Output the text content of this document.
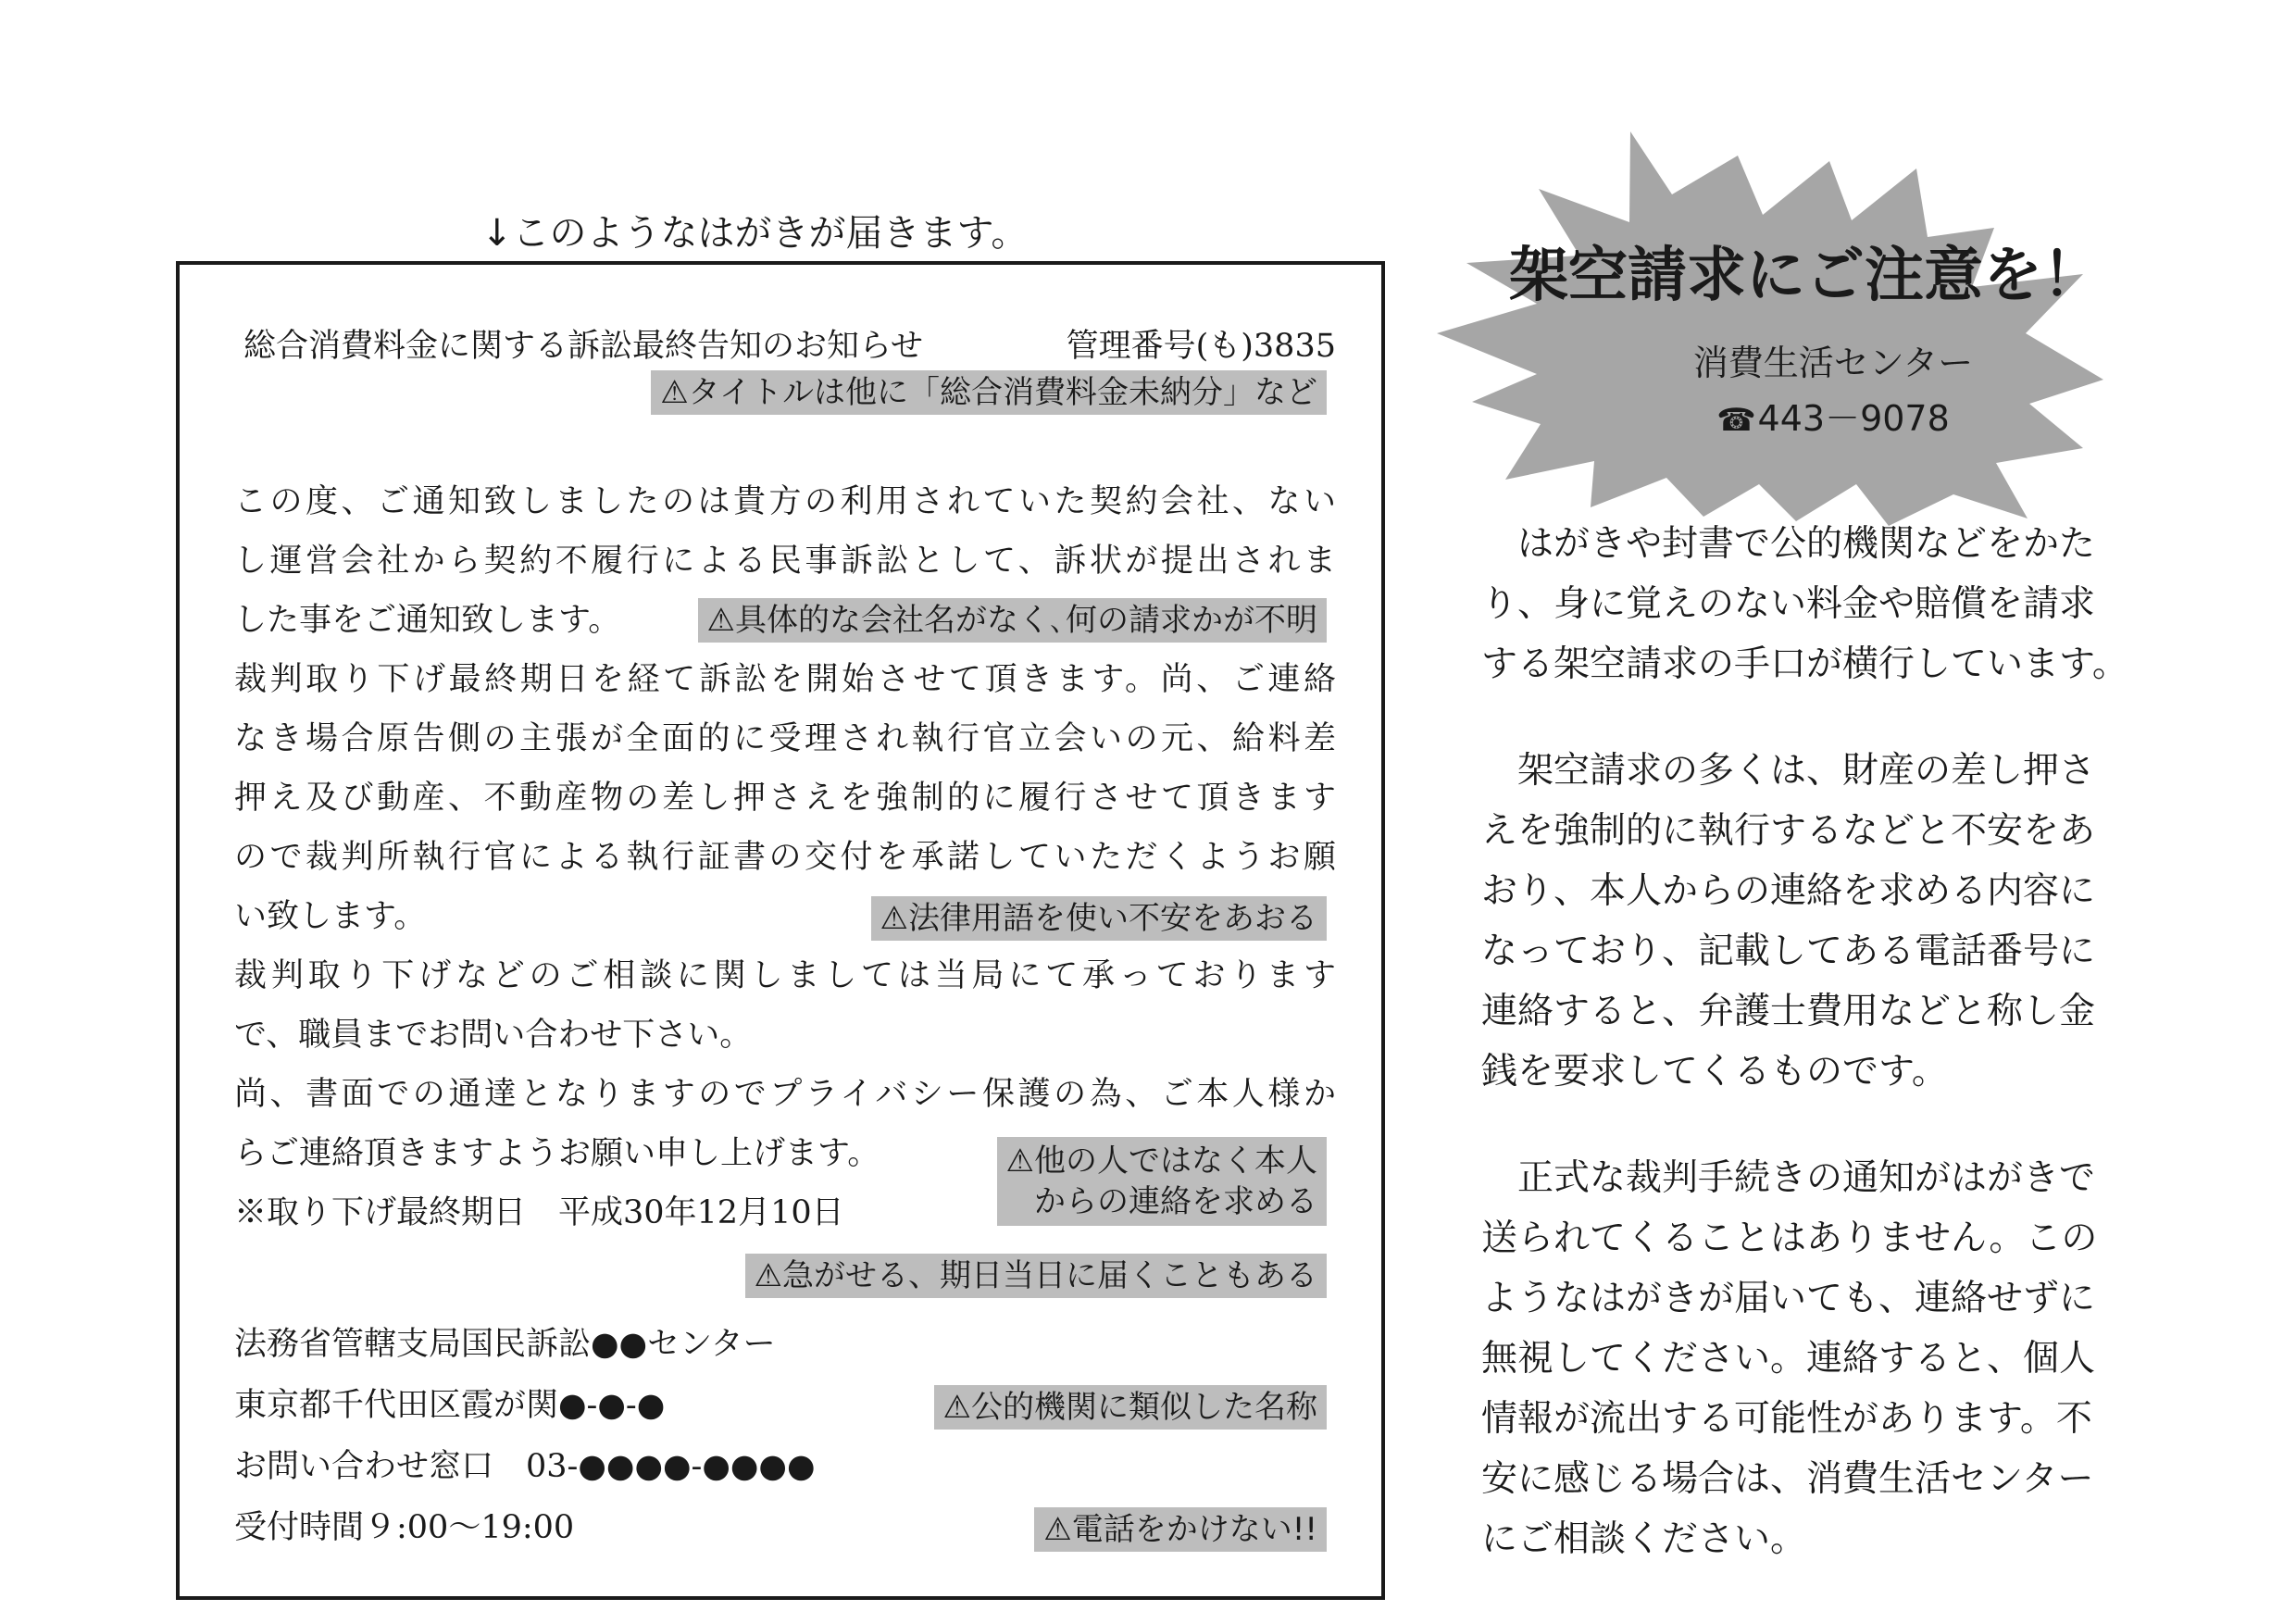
↓このようなはがきが届きます。
総合消費料金に関する訴訟最終告知のお知らせ	管理番号(も)3835
⚠タイトルは他に「総合消費料金未納分」など
この度、ご通知致しましたのは貴方の利用されていた契約会社、ない
し運営会社から契約不履行による民事訴訟として、訴状が提出されま
した事をご通知致します。	⚠具体的な会社名がなく､何の請求かが不明
裁判取り下げ最終期日を経て訴訟を開始させて頂きます。尚、ご連絡
なき場合原告側の主張が全面的に受理され執行官立会いの元、給料差
押え及び動産、不動産物の差し押さえを強制的に履行させて頂きます
ので裁判所執行官による執行証書の交付を承諾していただくようお願
い致します。	⚠法律用語を使い不安をあおる
裁判取り下げなどのご相談に関しましては当局にて承っております
で、職員までお問い合わせ下さい。
尚、書面での通達となりますのでプライバシー保護の為、ご本人様か
らご連絡頂きますようお願い申し上げます。	⚠他の人ではなく本人
からの連絡を求める
※取り下げ最終期日　平成30年12月10日
⚠急がせる、期日当日に届くこともある
法務省管轄支局国民訴訟●●センター
東京都千代田区霞が関●-●-●	⚠公的機関に類似した名称
お問い合わせ窓口　03-●●●●-●●●●
受付時間９:00～19:00	⚠電話をかけない!!
架空請求にご注意を！
消費生活センター
☎443－9078
　はがきや封書で公的機関などをかた
り、身に覚えのない料金や賠償を請求
する架空請求の手口が横行しています。
　架空請求の多くは、財産の差し押さ
えを強制的に執行するなどと不安をあ
おり、本人からの連絡を求める内容に
なっており、記載してある電話番号に
連絡すると、弁護士費用などと称し金
銭を要求してくるものです。
　正式な裁判手続きの通知がはがきで
送られてくることはありません。この
ようなはがきが届いても、連絡せずに
無視してください。連絡すると、個人
情報が流出する可能性があります。不
安に感じる場合は、消費生活センター
にご相談ください。
